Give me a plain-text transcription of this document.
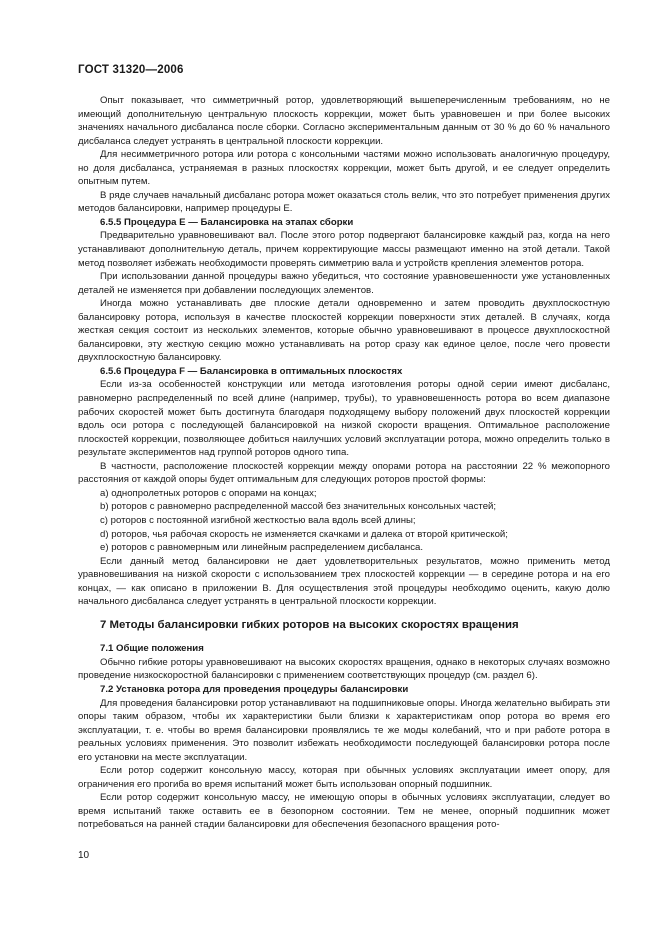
ГОСТ 31320—2006
Опыт показывает, что симметричный ротор, удовлетворяющий вышеперечисленным требованиям, но не имеющий дополнительную центральную плоскость коррекции, может быть уравновешен и при более высоких значениях начального дисбаланса после сборки. Согласно экспериментальным данным от 30 % до 60 % начального дисбаланса следует устранять в центральной плоскости коррекции.
Для несимметричного ротора или ротора с консольными частями можно использовать аналогичную процедуру, но доля дисбаланса, устраняемая в разных плоскостях коррекции, может быть другой, и ее следует определить опытным путем.
В ряде случаев начальный дисбаланс ротора может оказаться столь велик, что это потребует применения других методов балансировки, например процедуры Е.
6.5.5 Процедура Е — Балансировка на этапах сборки
Предварительно уравновешивают вал. После этого ротор подвергают балансировке каждый раз, когда на него устанавливают дополнительную деталь, причем корректирующие массы размещают именно на этой детали. Такой метод позволяет избежать необходимости проверять симметрию вала и устройств крепления элементов ротора.
При использовании данной процедуры важно убедиться, что состояние уравновешенности уже установленных деталей не изменяется при добавлении последующих элементов.
Иногда можно устанавливать две плоские детали одновременно и затем проводить двухплоскостную балансировку ротора, используя в качестве плоскостей коррекции поверхности этих деталей. В случаях, когда жесткая секция состоит из нескольких элементов, которые обычно уравновешивают в процессе двухплоскостной балансировки, эту жесткую секцию можно устанавливать на ротор сразу как единое целое, после чего провести двухплоскостную балансировку.
6.5.6 Процедура F — Балансировка в оптимальных плоскостях
Если из-за особенностей конструкции или метода изготовления роторы одной серии имеют дисбаланс, равномерно распределенный по всей длине (например, трубы), то уравновешенность ротора во всем диапазоне рабочих скоростей может быть достигнута благодаря подходящему выбору положений двух плоскостей коррекции вдоль оси ротора с последующей балансировкой на низкой скорости вращения. Оптимальное расположение плоскостей коррекции, позволяющее добиться наилучших условий эксплуатации ротора, можно определить только в результате экспериментов над группой роторов одного типа.
В частности, расположение плоскостей коррекции между опорами ротора на расстоянии 22 % межопорного расстояния от каждой опоры будет оптимальным для следующих роторов простой формы:
а) однопролетных роторов с опорами на концах;
b) роторов с равномерно распределенной массой без значительных консольных частей;
с) роторов с постоянной изгибной жесткостью вала вдоль всей длины;
d) роторов, чья рабочая скорость не изменяется скачками и далека от второй критической;
е) роторов с равномерным или линейным распределением дисбаланса.
Если данный метод балансировки не дает удовлетворительных результатов, можно применить метод уравновешивания на низкой скорости с использованием трех плоскостей коррекции — в середине ротора и на его концах, — как описано в приложении В. Для осуществления этой процедуры необходимо оценить, какую долю начального дисбаланса следует устранять в центральной плоскости коррекции.
7 Методы балансировки гибких роторов на высоких скоростях вращения
7.1 Общие положения
Обычно гибкие роторы уравновешивают на высоких скоростях вращения, однако в некоторых случаях возможно проведение низкоскоростной балансировки с применением соответствующих процедур (см. раздел 6).
7.2 Установка ротора для проведения процедуры балансировки
Для проведения балансировки ротор устанавливают на подшипниковые опоры. Иногда желательно выбирать эти опоры таким образом, чтобы их характеристики были близки к характеристикам опор ротора во время его эксплуатации, т. е. чтобы во время балансировки проявлялись те же моды колебаний, что и при работе ротора в реальных условиях применения. Это позволит избежать необходимости последующей балансировки ротора после его установки на месте эксплуатации.
Если ротор содержит консольную массу, которая при обычных условиях эксплуатации имеет опору, для ограничения его прогиба во время испытаний может быть использован опорный подшипник.
Если ротор содержит консольную массу, не имеющую опоры в обычных условиях эксплуатации, следует во время испытаний также оставить ее в безопорном состоянии. Тем не менее, опорный подшипник может потребоваться на ранней стадии балансировки для обеспечения безопасного вращения рото-
10
